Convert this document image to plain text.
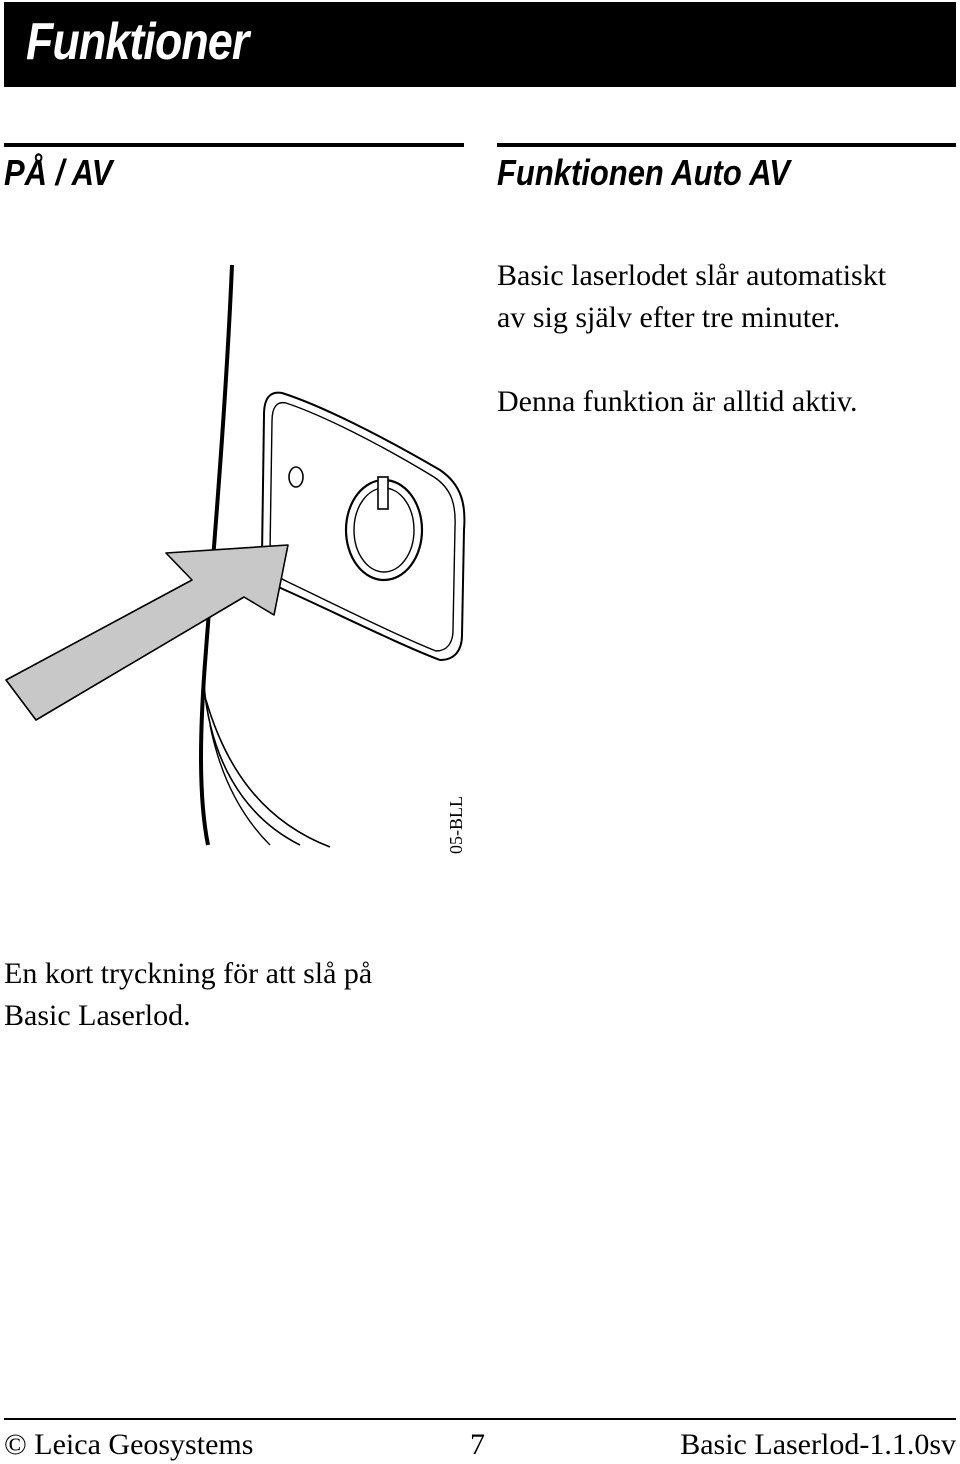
Funktioner
PÅ / AV	Funktionen Auto AV

Basic laserlodet slår automatiskt

av sig själv efter tre minuter.

Denna funktion är alltid aktiv.

05-BLL

En kort tryckning för att slå på

Basic Laserlod.

© Leica Geosystems	7	Basic Laserlod-1.1.0sv
